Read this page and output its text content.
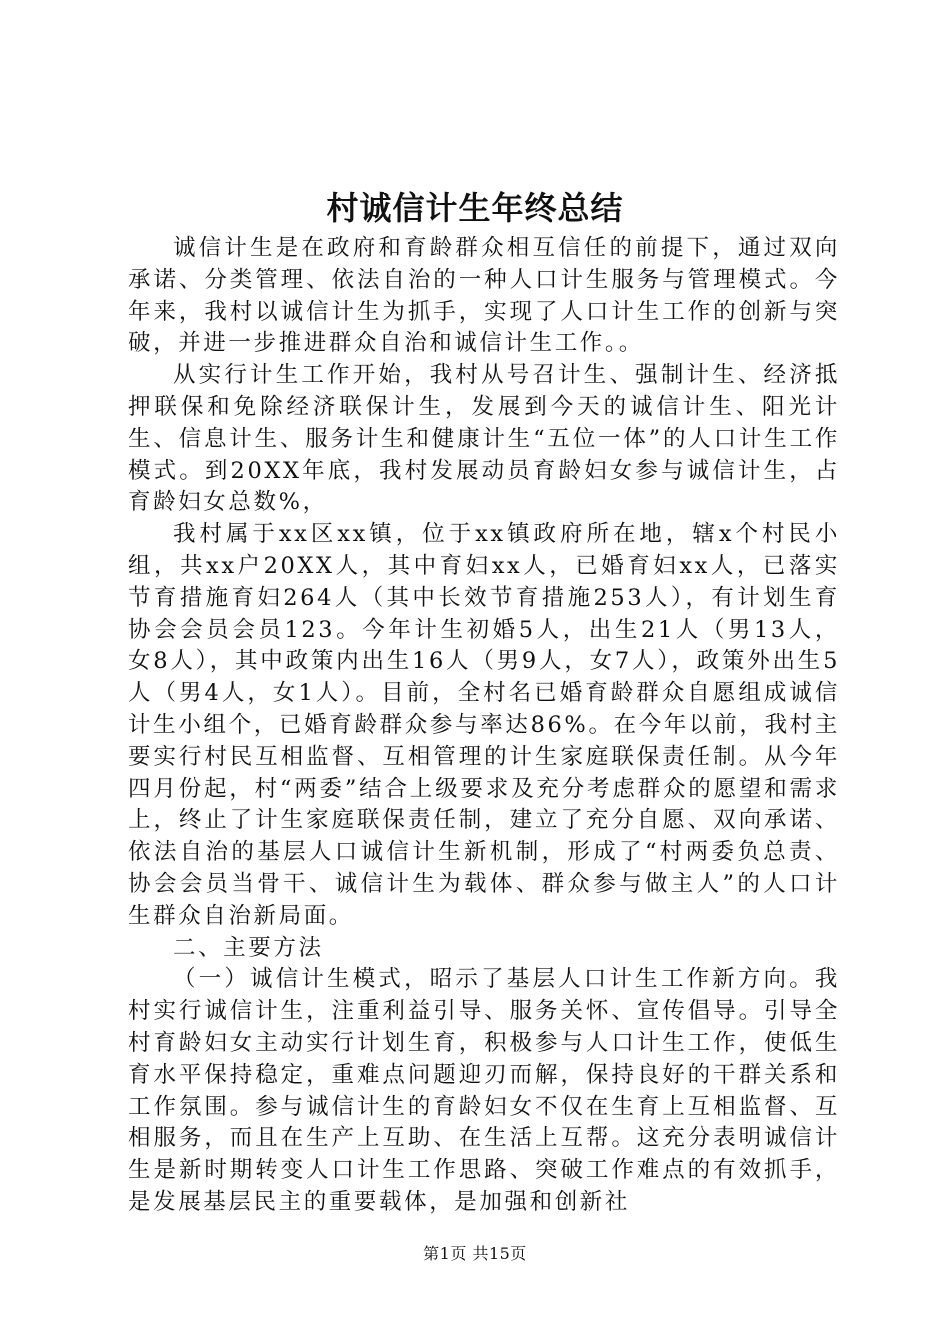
村诚信计生年终总结

诚信计生是在政府和育龄群众相互信任的前提下，通过双向承诺、分类管理、依法自治的一种人口计生服务与管理模式。今年来，我村以诚信计生为抓手，实现了人口计生工作的创新与突破，并进一步推进群众自治和诚信计生工作。。

从实行计生工作开始，我村从号召计生、强制计生、经济抵押联保和免除经济联保计生，发展到今天的诚信计生、阳光计生、信息计生、服务计生和健康计生“五位一体”的人口计生工作模式。到20XX年底，我村发展动员育龄妇女参与诚信计生，占育龄妇女总数%，

我村属于xx区xx镇，位于xx镇政府所在地，辖x个村民小组，共xx户20XX人，其中育妇xx人，已婚育妇xx人，已落实节育措施育妇264人（其中长效节育措施253人），有计划生育协会会员会员123。今年计生初婚5人，出生21人（男13人，女8人），其中政策内出生16人（男9人，女7人），政策外出生5人（男4人，女1人）。目前，全村名已婚育龄群众自愿组成诚信计生小组个，已婚育龄群众参与率达86%。在今年以前，我村主要实行村民互相监督、互相管理的计生家庭联保责任制。从今年四月份起，村“两委”结合上级要求及充分考虑群众的愿望和需求上，终止了计生家庭联保责任制，建立了充分自愿、双向承诺、依法自治的基层人口诚信计生新机制，形成了“村两委负总责、协会会员当骨干、诚信计生为载体、群众参与做主人”的人口计生群众自治新局面。

二、主要方法

（一）诚信计生模式，昭示了基层人口计生工作新方向。我村实行诚信计生，注重利益引导、服务关怀、宣传倡导。引导全村育龄妇女主动实行计划生育，积极参与人口计生工作，使低生育水平保持稳定，重难点问题迎刃而解，保持良好的干群关系和工作氛围。参与诚信计生的育龄妇女不仅在生育上互相监督、互相服务，而且在生产上互助、在生活上互帮。这充分表明诚信计生是新时期转变人口计生工作思路、突破工作难点的有效抓手，是发展基层民主的重要载体，是加强和创新社

第1页 共15页
